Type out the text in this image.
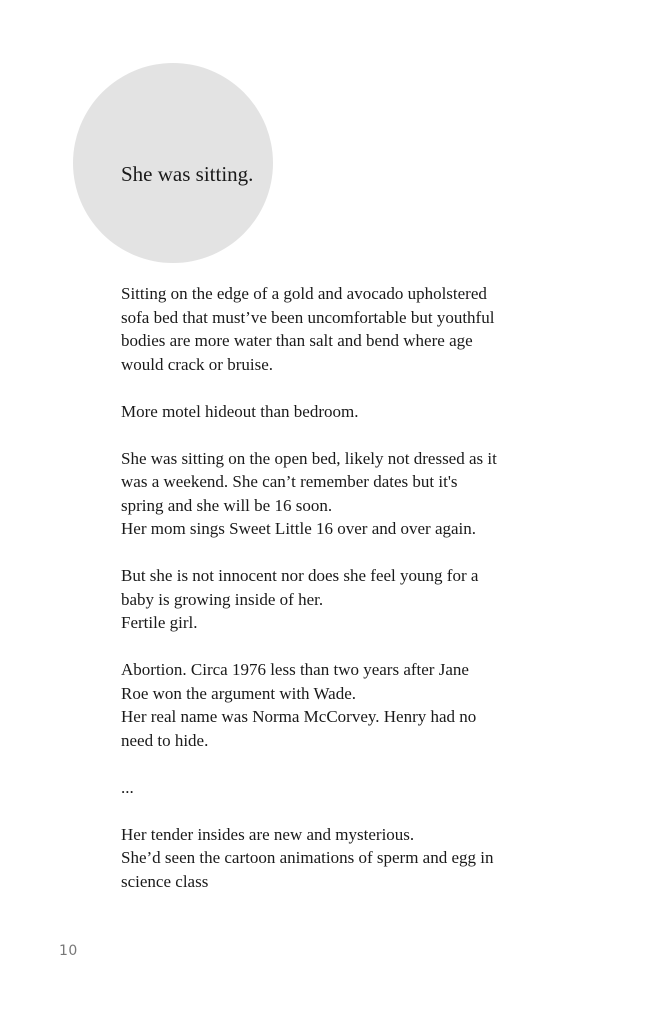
She was sitting.
Sitting on the edge of a gold and avocado upholstered
sofa bed that must’ve been uncomfortable but youthful
bodies are more water than salt and bend where age
would crack or bruise.
More motel hideout than bedroom.
She was sitting on the open bed, likely not dressed as it
was a weekend. She can’t remember dates but it's
spring and she will be 16 soon.
Her mom sings Sweet Little 16 over and over again.
But she is not innocent nor does she feel young for a
baby is growing inside of her.
Fertile girl.
Abortion. Circa 1976 less than two years after Jane
Roe won the argument with Wade.
Her real name was Norma McCorvey. Henry had no
need to hide.
...
Her tender insides are new and mysterious.
She’d seen the cartoon animations of sperm and egg in
science class
10
